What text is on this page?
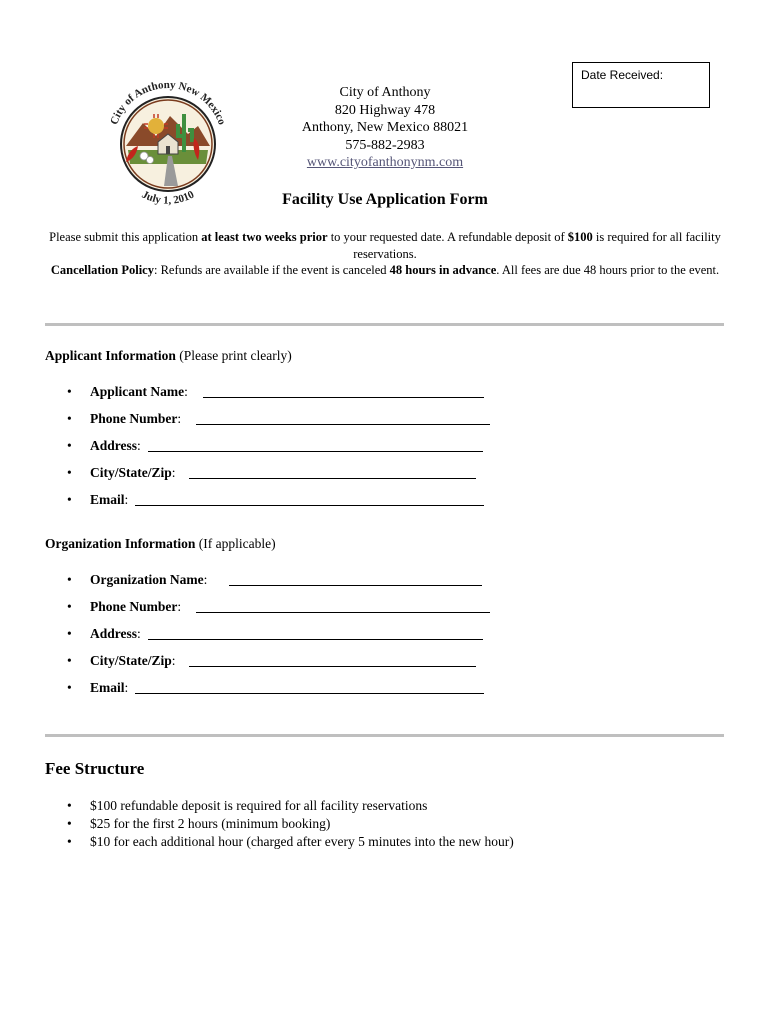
Date Received:
City of Anthony New Mexico
July 1, 2010
City of Anthony
820 Highway 478
Anthony, New Mexico 88021
575-882-2983
www.cityofanthonynm.com
Facility Use Application Form
Please submit this application at least two weeks prior to your requested date. A refundable deposit of $100 is required for all facility reservations.
Cancellation Policy: Refunds are available if the event is canceled 48 hours in advance. All fees are due 48 hours prior to the event.
Applicant Information (Please print clearly)
• Applicant Name:
• Phone Number:
• Address:
• City/State/Zip:
• Email:
Organization Information (If applicable)
• Organization Name:
• Phone Number:
• Address:
• City/State/Zip:
• Email:
Fee Structure
• $100 refundable deposit is required for all facility reservations
• $25 for the first 2 hours (minimum booking)
• $10 for each additional hour (charged after every 5 minutes into the new hour)
